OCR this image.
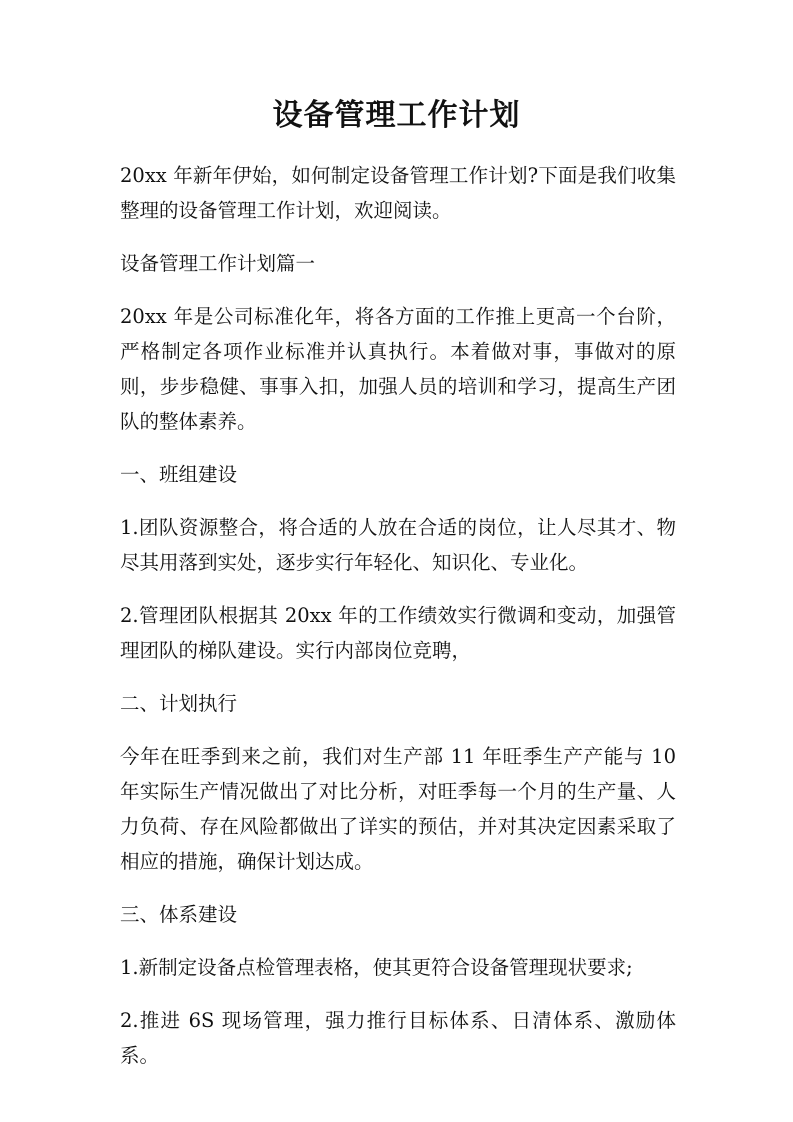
设备管理工作计划

20xx 年新年伊始，如何制定设备管理工作计划?下面是我们收集整理的设备管理工作计划，欢迎阅读。

设备管理工作计划篇一

20xx 年是公司标准化年，将各方面的工作推上更高一个台阶，严格制定各项作业标准并认真执行。本着做对事，事做对的原则，步步稳健、事事入扣，加强人员的培训和学习，提高生产团队的整体素养。

一、班组建设

1.团队资源整合，将合适的人放在合适的岗位，让人尽其才、物尽其用落到实处，逐步实行年轻化、知识化、专业化。

2.管理团队根据其 20xx 年的工作绩效实行微调和变动，加强管理团队的梯队建设。实行内部岗位竞聘，

二、计划执行

今年在旺季到来之前，我们对生产部 11 年旺季生产产能与 10 年实际生产情况做出了对比分析，对旺季每一个月的生产量、人力负荷、存在风险都做出了详实的预估，并对其决定因素采取了相应的措施，确保计划达成。

三、体系建设

1.新制定设备点检管理表格，使其更符合设备管理现状要求;

2.推进 6S 现场管理，强力推行目标体系、日清体系、激励体系。
